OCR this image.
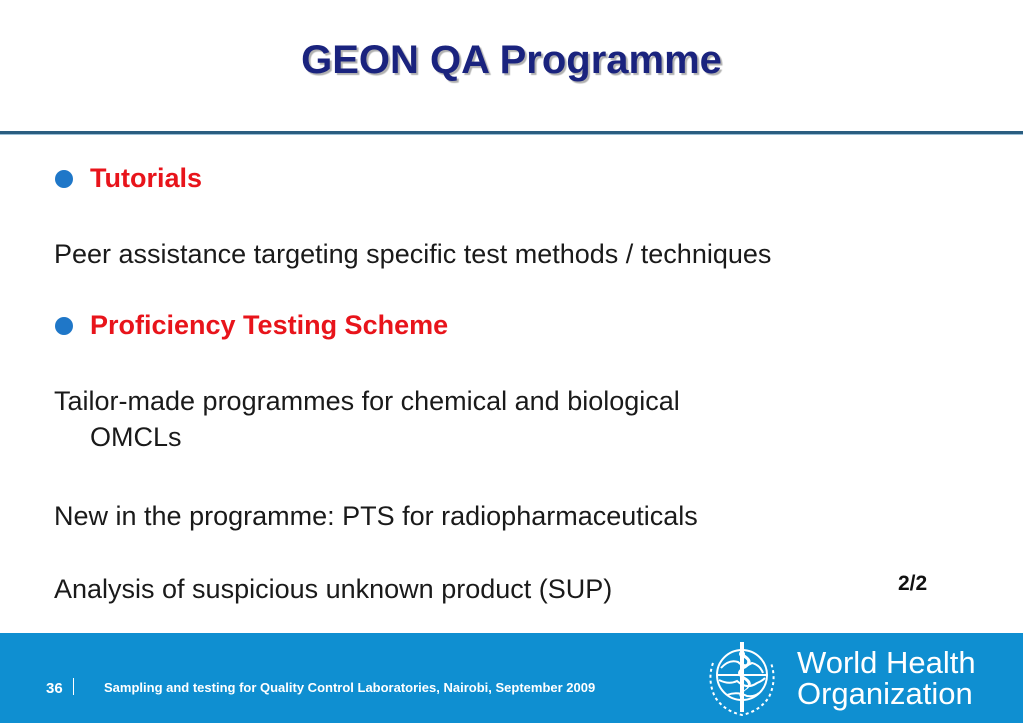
GEON QA Programme
Tutorials
Peer assistance targeting specific test methods / techniques
Proficiency Testing Scheme
Tailor-made programmes for chemical and biological
OMCLs
New in the programme: PTS for radiopharmaceuticals
Analysis of suspicious unknown product (SUP)	2/2
36	Sampling and testing for Quality Control Laboratories, Nairobi, September 2009
World Health
Organization
